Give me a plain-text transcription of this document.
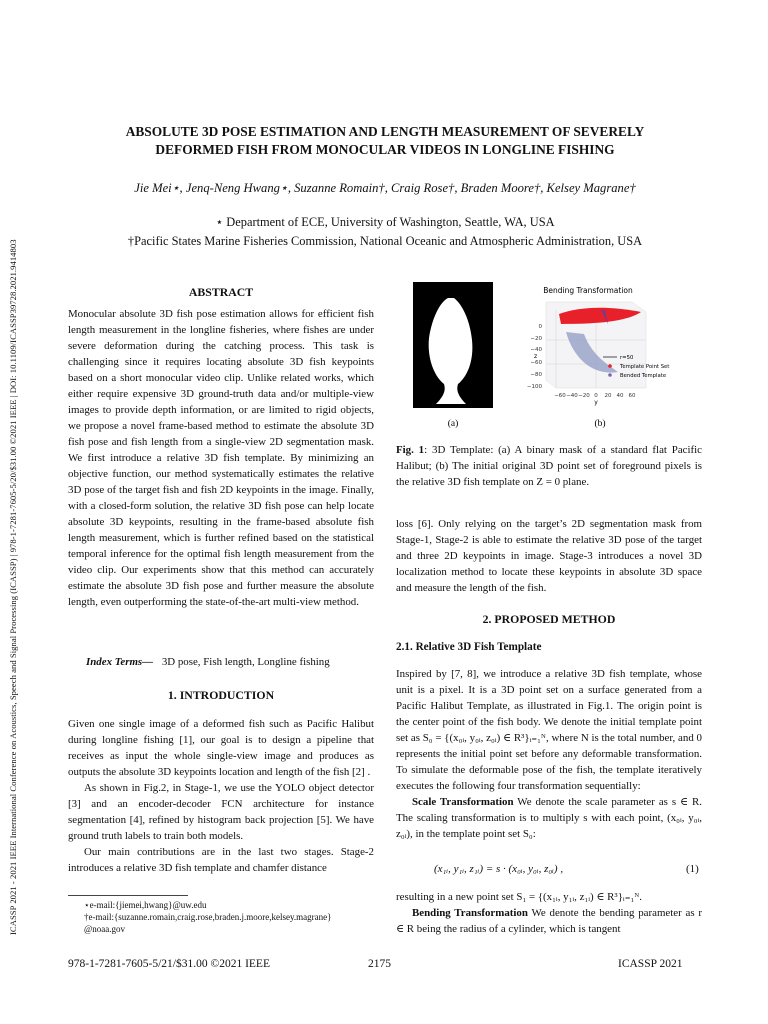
ICASSP 2021 - 2021 IEEE International Conference on Acoustics, Speech and Signal Processing (ICASSP) | 978-1-7281-7605-5/20/$31.00 ©2021 IEEE | DOI: 10.1109/ICASSP39728.2021.9414803
ABSOLUTE 3D POSE ESTIMATION AND LENGTH MEASUREMENT OF SEVERELY
DEFORMED FISH FROM MONOCULAR VIDEOS IN LONGLINE FISHING
Jie Mei⋆, Jenq-Neng Hwang⋆, Suzanne Romain†, Craig Rose†, Braden Moore†, Kelsey Magrane†
⋆ Department of ECE, University of Washington, Seattle, WA, USA
†Pacific States Marine Fisheries Commission, National Oceanic and Atmospheric Administration, USA
ABSTRACT

Monocular absolute 3D fish pose estimation allows for efficient fish length measurement in the longline fisheries, where fishes are under severe deformation during the catching process. This task is challenging since it requires locating absolute 3D fish keypoints based on a short monocular video clip. Unlike related works, which either require expensive 3D ground-truth data and/or multiple-view images to provide depth information, or are limited to rigid objects, we propose a novel frame-based method to estimate the absolute 3D fish pose and fish length from a single-view 2D segmentation mask. We first introduce a relative 3D fish template. By minimizing an objective function, our method systematically estimates the relative 3D pose of the target fish and fish 2D keypoints in the image. Finally, with a closed-form solution, the relative 3D fish pose can help locate absolute 3D keypoints, resulting in the frame-based absolute fish length measurement, which is further refined based on the statistical temporal inference for the optimal fish length measurement from the video clip. Our experiments show that this method can accurately estimate the absolute 3D fish pose and further measure the absolute length, even outperforming the state-of-the-art multi-view method.

Index Terms— 3D pose, Fish length, Longline fishing
1. INTRODUCTION

Given one single image of a deformed fish such as Pacific Halibut during longline fishing [1], our goal is to design a pipeline that receives as input the whole single-view image and produces as outputs the absolute 3D keypoints location and length of the fish [2] .

As shown in Fig.2, in Stage-1, we use the YOLO object detector [3] and an encoder-decoder FCN architecture for instance segmentation [4], refined by histogram back projection [5]. We have ground truth labels to train both models.

Our main contributions are in the last two stages. Stage-2 introduces a relative 3D fish template and chamfer distance

⋆e-mail:{jiemei,hwang}@uw.edu
†e-mail:{suzanne.romain,craig.rose,braden.j.moore,kelsey.magrane} @noaa.gov
Bending Transformation
0
−20
−40
−60
−80
−100
z
−60 −40 −20 0 20 40 60
y
r=50
Template Point Set
Bended Template
(a)	(b)
Fig. 1: 3D Template: (a) A binary mask of a standard flat Pacific Halibut; (b) The initial original 3D point set of foreground pixels is the relative 3D fish template on Z = 0 plane.

loss [6]. Only relying on the target’s 2D segmentation mask from Stage-1, Stage-2 is able to estimate the relative 3D pose of the target and three 2D keypoints in image. Stage-3 introduces a novel 3D localization method to locate these keypoints in absolute 3D space and measure the length of the fish.

2. PROPOSED METHOD
2.1. Relative 3D Fish Template

Inspired by [7, 8], we introduce a relative 3D fish template, whose unit is a pixel. It is a 3D point set on a surface generated from a Pacific Halibut Template, as illustrated in Fig.1. The origin point is the center point of the fish body. We denote the initial template point set as S₀ = {(x₀ᵢ, y₀ᵢ, z₀ᵢ) ∈ R³}ᵢ₌₁ᴺ, where N is the total number, and 0 represents the initial point set before any deformable transformation. To simulate the deformable pose of the fish, the template iteratively executes the following four transformation sequentially:

Scale Transformation We denote the scale parameter as s ∈ R. The scaling transformation is to multiply s with each point, (x₀ᵢ, y₀ᵢ, z₀ᵢ), in the template point set S₀:

(x₁ᵢ, y₁ᵢ, z₁ᵢ) = s · (x₀ᵢ, y₀ᵢ, z₀ᵢ) ,	(1)

resulting in a new point set S₁ = {(x₁ᵢ, y₁ᵢ, z₁ᵢ) ∈ R³}ᵢ₌₁ᴺ.

Bending Transformation We denote the bending parameter as r ∈ R being the radius of a cylinder, which is tangent

978-1-7281-7605-5/21/$31.00 ©2021 IEEE	2175	ICASSP 2021
